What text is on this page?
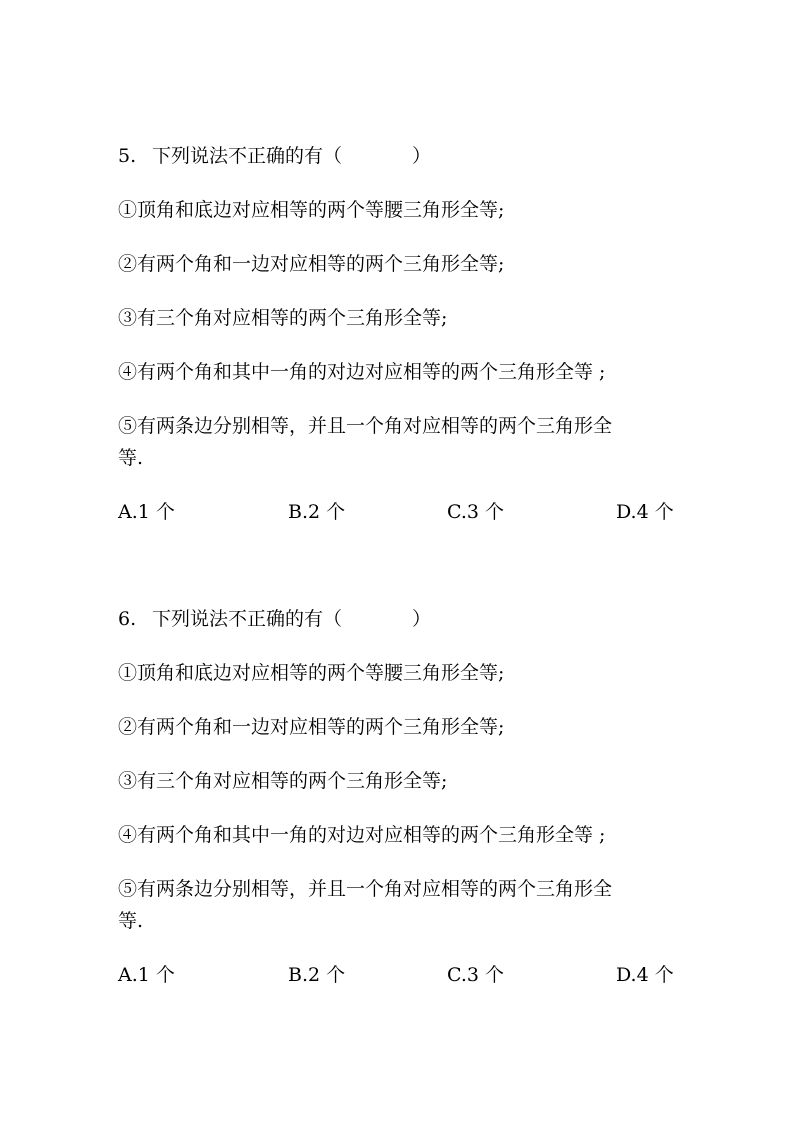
5. 下列说法不正确的有（	）
①顶角和底边对应相等的两个等腰三角形全等;
②有两个角和一边对应相等的两个三角形全等;
③有三个角对应相等的两个三角形全等;
④有两个角和其中一角的对边对应相等的两个三角形全等 ;
⑤有两条边分别相等，并且一个角对应相等的两个三角形全
等.
A.1 个	B.2 个	C.3 个	D.4 个
6. 下列说法不正确的有（	）
①顶角和底边对应相等的两个等腰三角形全等;
②有两个角和一边对应相等的两个三角形全等;
③有三个角对应相等的两个三角形全等;
④有两个角和其中一角的对边对应相等的两个三角形全等 ;
⑤有两条边分别相等，并且一个角对应相等的两个三角形全
等.
A.1 个	B.2 个	C.3 个	D.4 个
